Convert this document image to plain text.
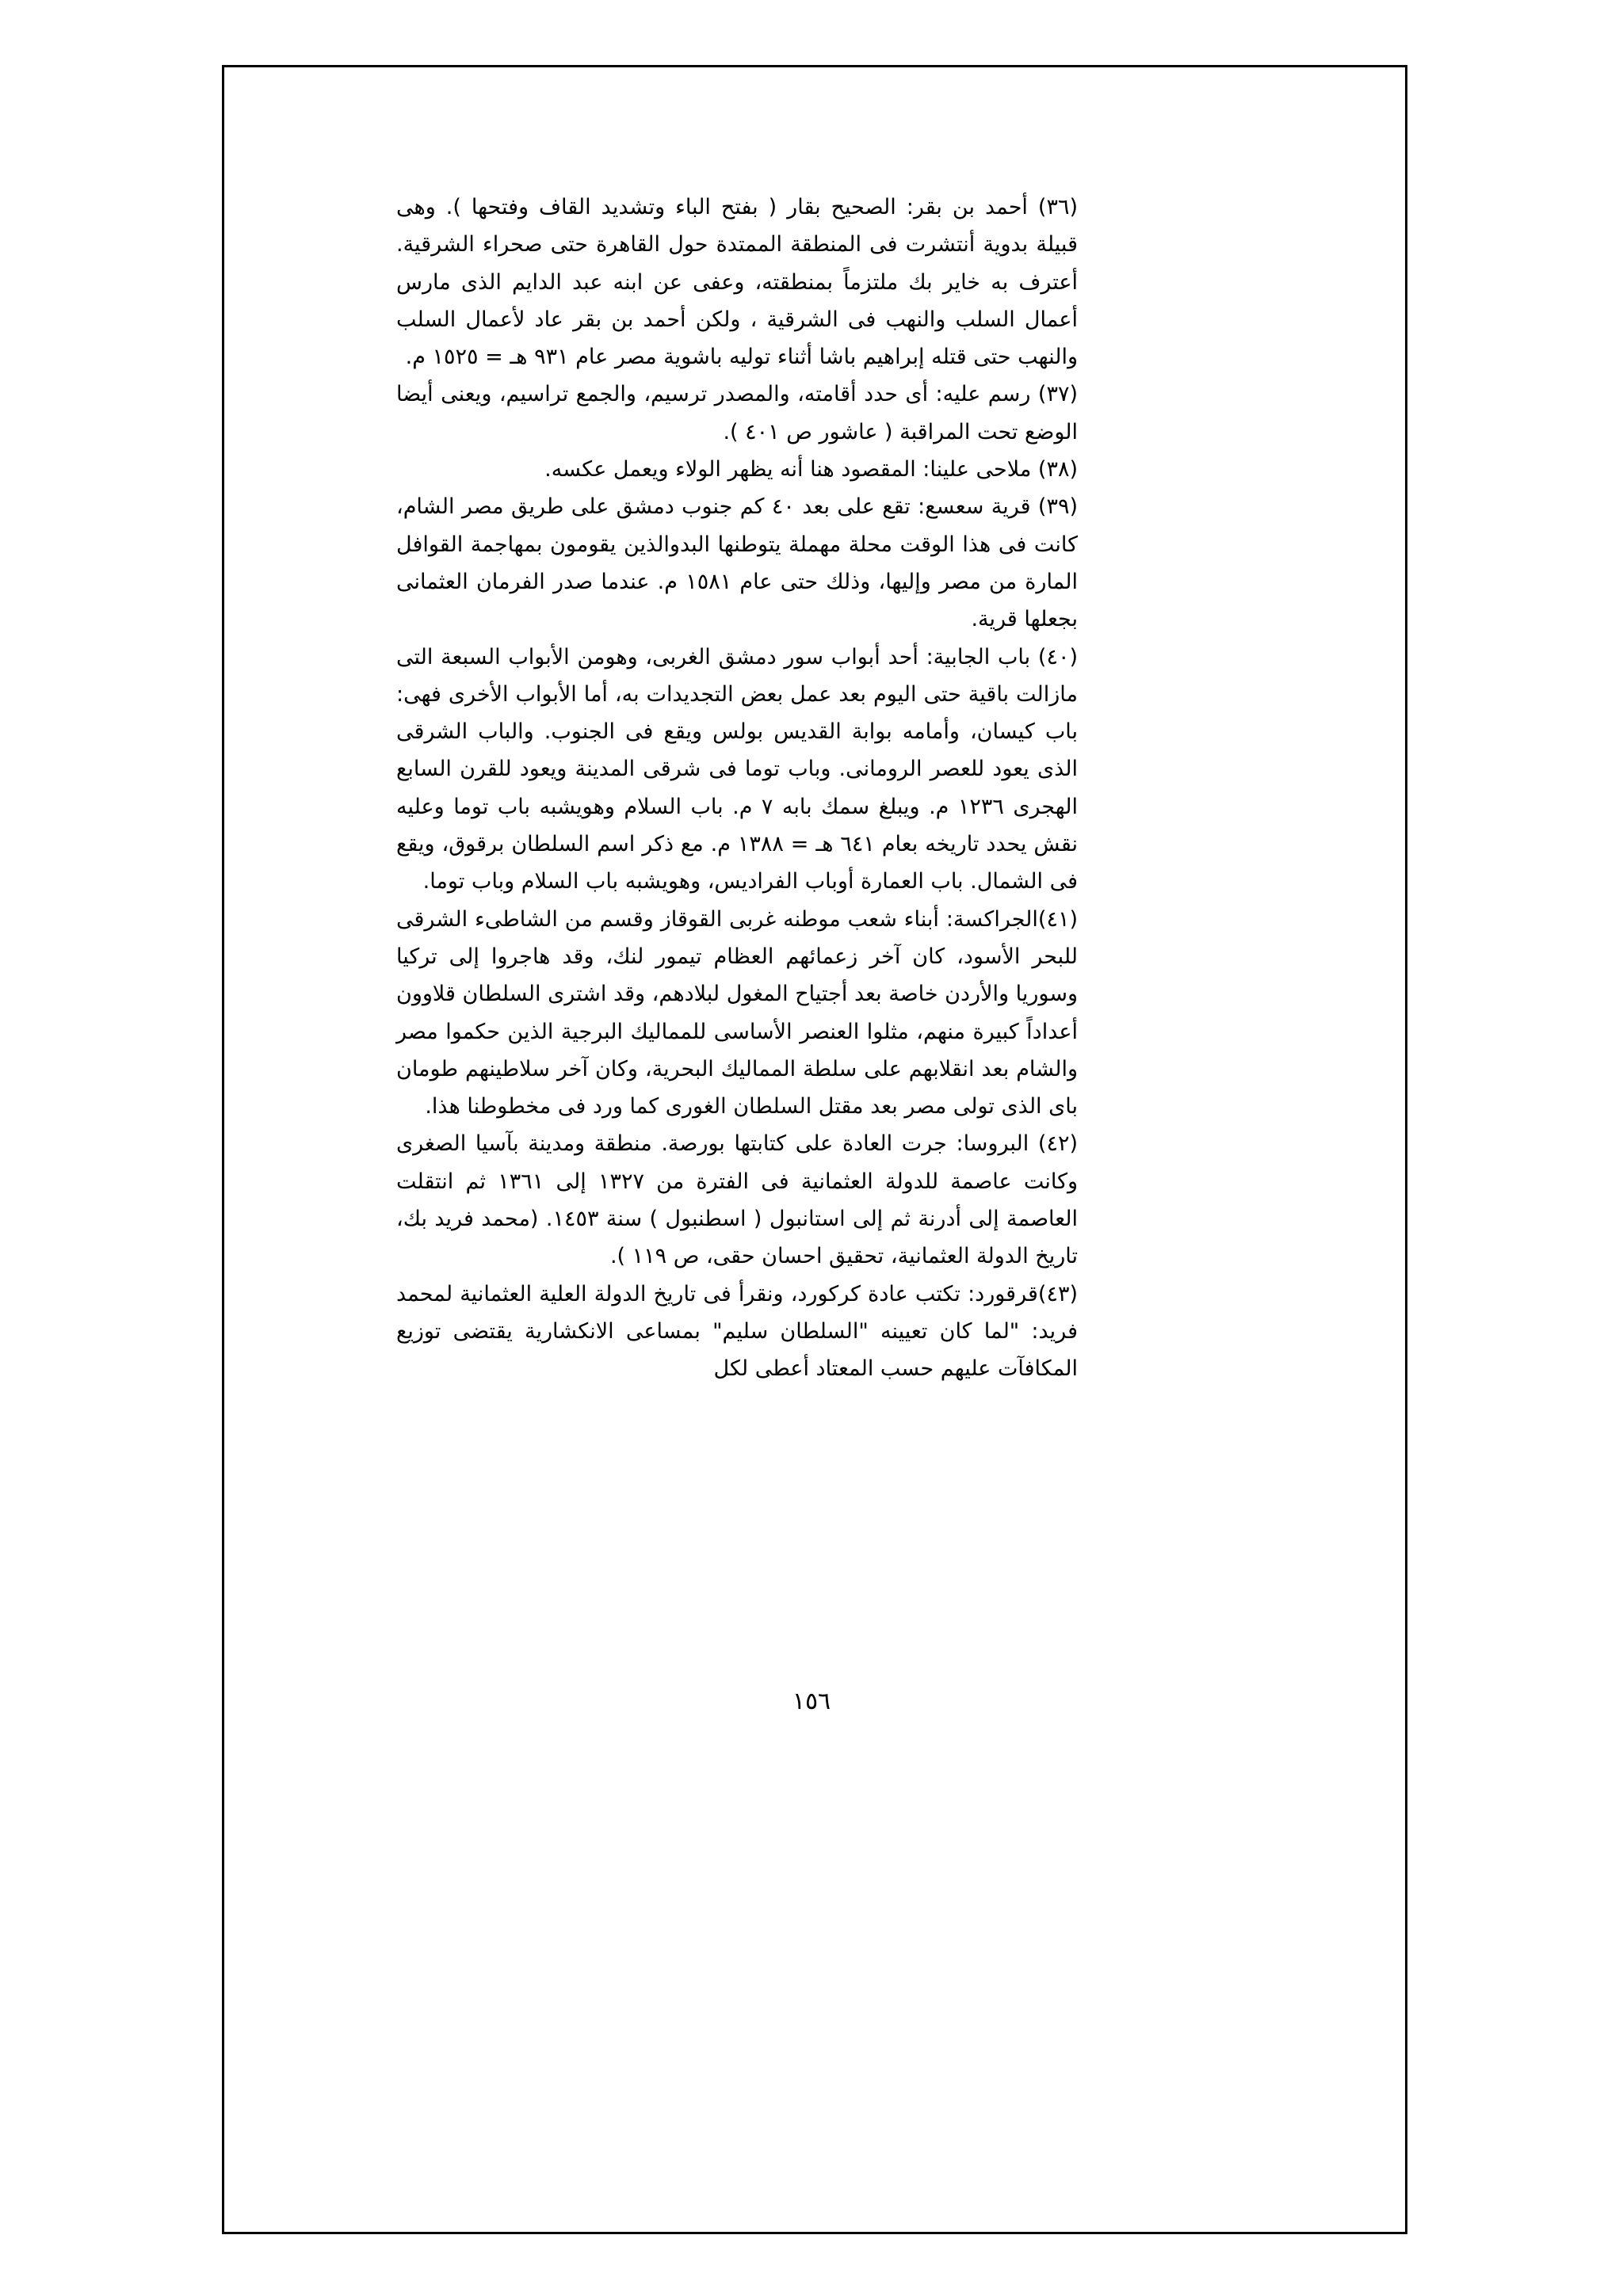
(٣٦) أحمد بن بقر: الصحيح بقار ( بفتح الباء وتشديد القاف وفتحها ). وهى قبيلة بدوية أنتشرت فى المنطقة الممتدة حول القاهرة حتى صحراء الشرقية. أعترف به خاير بك ملتزماً بمنطقته، وعفى عن ابنه عبد الدايم الذى مارس أعمال السلب والنهب فى الشرقية ، ولكن أحمد بن بقر عاد لأعمال السلب والنهب حتى قتله إبراهيم باشا أثناء توليه باشوية مصر عام ٩٣١ هـ = ١٥٢٥ م.

(٣٧) رسم عليه: أى حدد أقامته، والمصدر ترسيم، والجمع تراسيم، ويعنى أيضا الوضع تحت المراقبة ( عاشور ص ٤٠١ ).

(٣٨) ملاحى علينا: المقصود هنا أنه يظهر الولاء ويعمل عكسه.

(٣٩) قرية سعسع: تقع على بعد ٤٠ كم جنوب دمشق على طريق مصر الشام، كانت فى هذا الوقت محلة مهملة يتوطنها البدوالذين يقومون بمهاجمة القوافل المارة من مصر وإليها، وذلك حتى عام ١٥٨١ م. عندما صدر الفرمان العثمانى بجعلها قرية.

(٤٠) باب الجابية: أحد أبواب سور دمشق الغربى، وهومن الأبواب السبعة التى مازالت باقية حتى اليوم بعد عمل بعض التجديدات به، أما الأبواب الأخرى فهى: باب كيسان، وأمامه بوابة القديس بولس ويقع فى الجنوب. والباب الشرقى الذى يعود للعصر الرومانى. وباب توما فى شرقى المدينة ويعود للقرن السابع الهجرى ١٢٣٦ م. ويبلغ سمك بابه ٧ م. باب السلام وهويشبه باب توما وعليه نقش يحدد تاريخه بعام ٦٤١ هـ = ١٣٨٨ م. مع ذكر اسم السلطان برقوق، ويقع فى الشمال. باب العمارة أوباب الفراديس، وهويشبه باب السلام وباب توما.

(٤١)الجراكسة: أبناء شعب موطنه غربى القوقاز وقسم من الشاطىء الشرقى للبحر الأسود، كان آخر زعمائهم العظام تيمور لنك، وقد هاجروا إلى تركيا وسوريا والأردن خاصة بعد أجتياح المغول لبلادهم، وقد اشترى السلطان قلاوون أعداداً كبيرة منهم، مثلوا العنصر الأساسى للمماليك البرجية الذين حكموا مصر والشام بعد انقلابهم على سلطة المماليك البحرية، وكان آخر سلاطينهم طومان باى الذى تولى مصر بعد مقتل السلطان الغورى كما ورد فى مخطوطنا هذا.

(٤٢) البروسا: جرت العادة على كتابتها بورصة. منطقة ومدينة بآسيا الصغرى وكانت عاصمة للدولة العثمانية فى الفترة من ١٣٢٧ إلى ١٣٦١ ثم انتقلت العاصمة إلى أدرنة ثم إلى استانبول ( اسطنبول ) سنة ١٤٥٣. (محمد فريد بك، تاريخ الدولة العثمانية، تحقيق احسان حقى، ص ١١٩ ).

(٤٣)قرقورد: تكتب عادة كركورد، ونقرأ فى تاريخ الدولة العلية العثمانية لمحمد فريد: "لما كان تعيينه "السلطان سليم" بمساعى الانكشارية يقتضى توزيع المكافآت عليهم حسب المعتاد أعطى لكل

١٥٦
